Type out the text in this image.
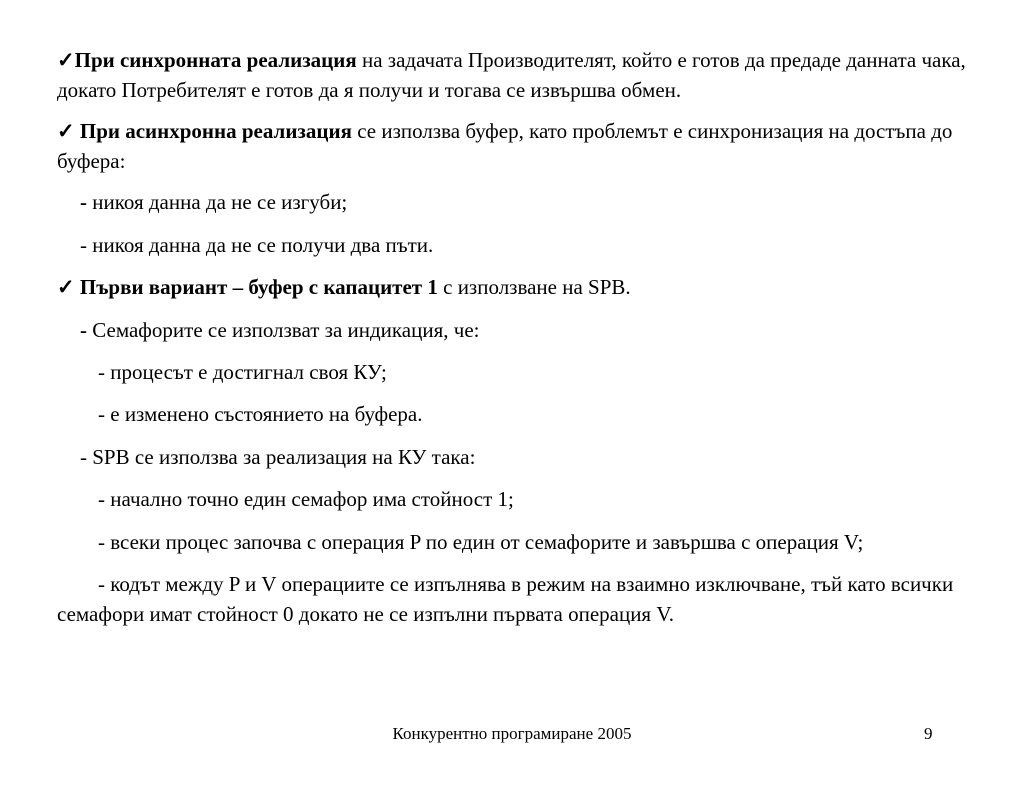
✓При синхронната реализация на задачата Производителят, който е готов да предаде данната чака, докато Потребителят е готов да я получи и тогава се извършва обмен.

✓ При асинхронна реализация се използва буфер, като проблемът е синхронизация на достъпа до буфера:

- никоя данна да не се изгуби;

- никоя данна да не се получи два пъти.

✓ Първи вариант – буфер с капацитет 1 с използване на SPB.

- Семафорите се използват за индикация, че:

- процесът е достигнал своя КУ;

- е изменено състоянието на буфера.

- SPB се използва за реализация на КУ така:

- начално точно един семафор има стойност 1;

- всеки процес започва с операция P по един от семафорите и завършва с операция V;

- кодът между P и V операциите се изпълнява в режим на взаимно изключване, тъй като всички семафори имат стойност 0 докато не се изпълни първата операция V.

Конкурентно програмиране 2005	9
